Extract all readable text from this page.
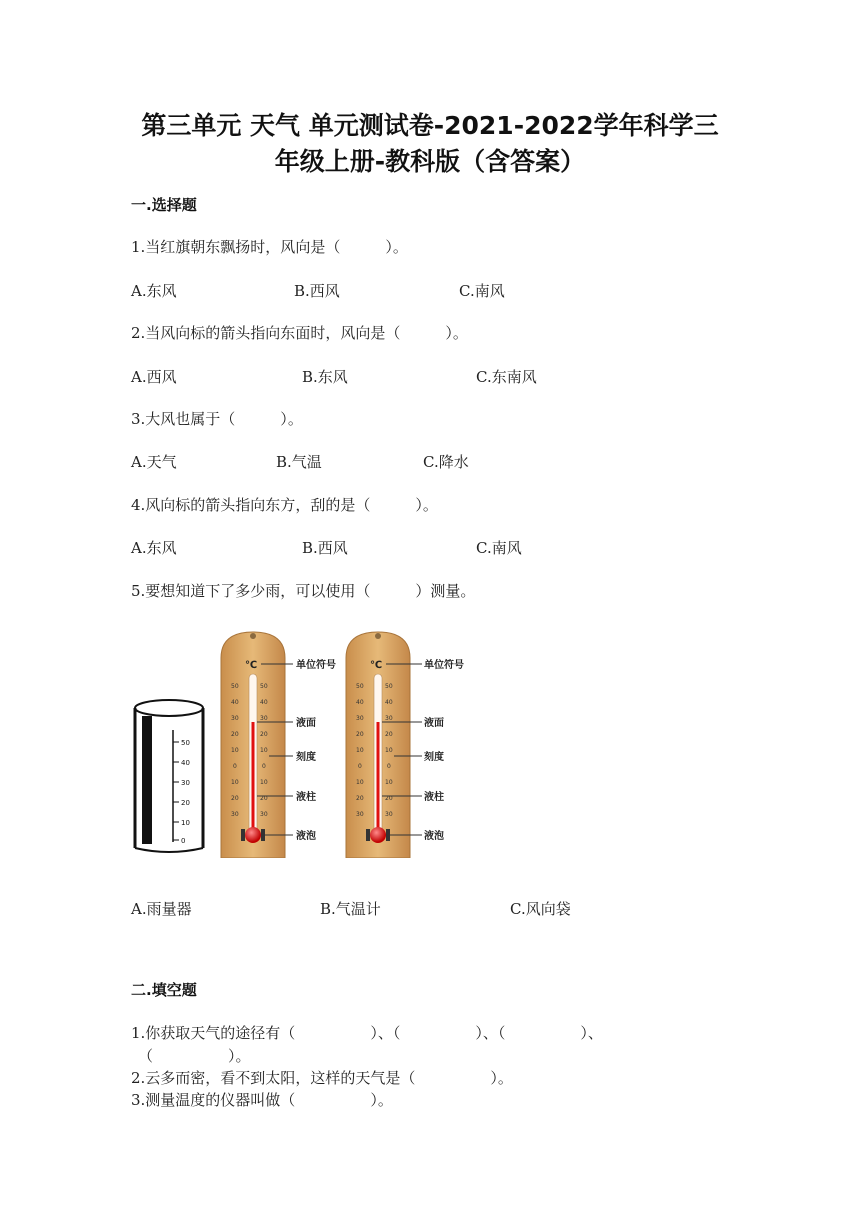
第三单元 天气 单元测试卷-2021-2022学年科学三
年级上册-教科版（含答案）
一.选择题
1.当红旗朝东飘扬时，风向是（　　　）。
A.东风	B.西风	C.南风
2.当风向标的箭头指向东面时，风向是（　　　）。
A.西风	B.东风	C.东南风
3.大风也属于（　　　）。
A.天气	B.气温	C.降水
4.风向标的箭头指向东方，刮的是（　　　）。
A.东风	B.西风	C.南风
5.要想知道下了多少雨，可以使用（　　　）测量。
50
40
30
20
10
0
℃
50
40
30
20
10
0
10
20
30
50
40
30
20
10
0
10
20
30
单位符号
液面
刻度
液柱
液泡
℃
50
40
30
20
10
0
10
20
30
50
40
30
20
10
0
10
20
30
单位符号
液面
刻度
液柱
液泡
A.雨量器	B.气温计	C.风向袋
二.填空题
1.你获取天气的途径有（　　　　　）、（　　　　　）、（　　　　　）、
（　　　　　）。
2.云多而密，看不到太阳，这样的天气是（　　　　　）。
3.测量温度的仪器叫做（　　　　　）。
